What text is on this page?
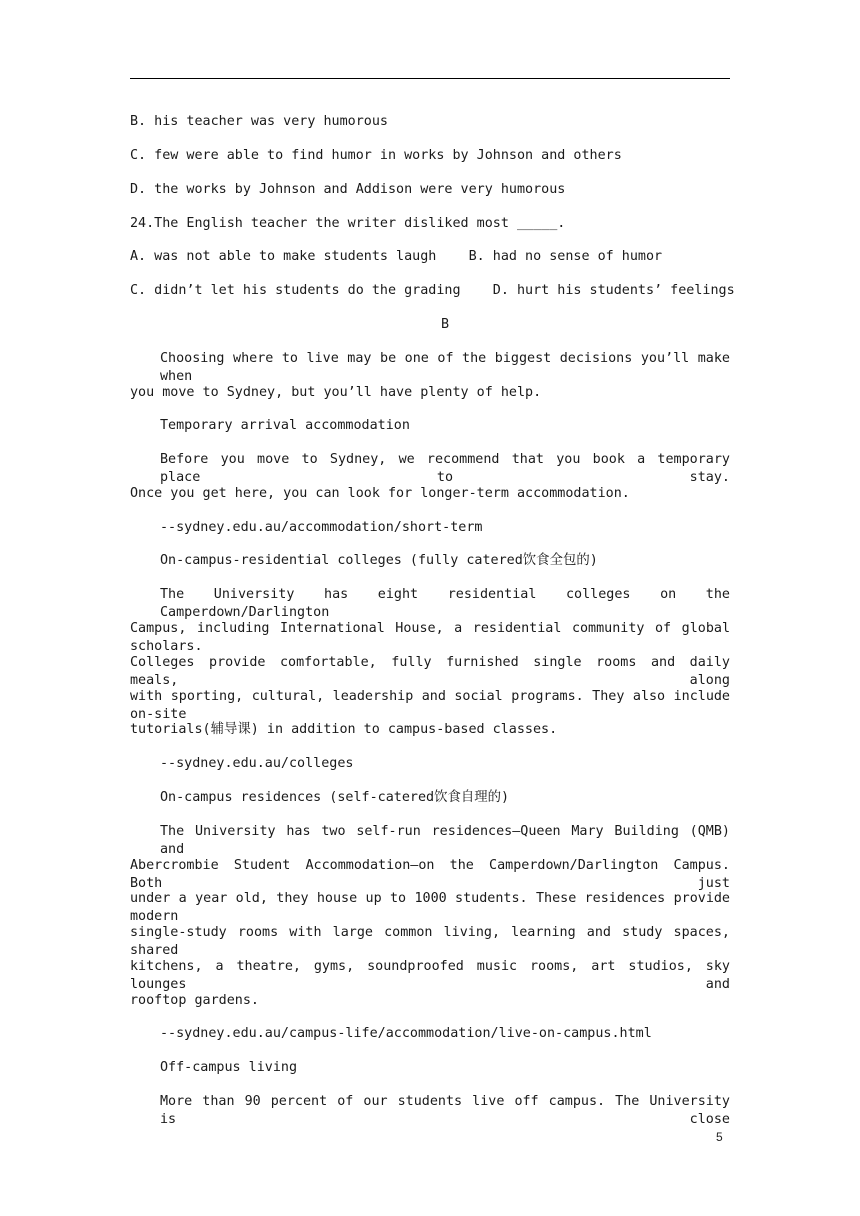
B. his teacher was very humorous
C. few were able to find humor in works by Johnson and others
D. the works by Johnson and Addison were very humorous
24.The English teacher the writer disliked most _____.
A. was not able to make students laugh    B. had no sense of humor
C. didn’t let his students do the grading    D. hurt his students’ feelings
B
Choosing where to live may be one of the biggest decisions you’ll make when
you move to Sydney, but you’ll have plenty of help.
Temporary arrival accommodation
Before you move to Sydney, we recommend that you book a temporary place to stay.
Once you get here, you can look for longer-term accommodation.
--sydney.edu.au/accommodation/short-term
On-campus-residential colleges (fully catered饮食全包的)
The University has eight residential colleges on the Camperdown/Darlington
Campus, including International House, a residential community of global scholars.
Colleges provide comfortable, fully furnished single rooms and daily meals, along
with sporting, cultural, leadership and social programs. They also include on-site
tutorials(辅导课) in addition to campus-based classes.
--sydney.edu.au/colleges
On-campus residences (self-catered饮食自理的)
The University has two self-run residences—Queen Mary Building (QMB) and
Abercrombie Student Accommodation—on the Camperdown/Darlington Campus. Both just
under a year old, they house up to 1000 students. These residences provide modern
single-study rooms with large common living, learning and study spaces, shared
kitchens, a theatre, gyms, soundproofed music rooms, art studios, sky lounges and
rooftop gardens.
--sydney.edu.au/campus-life/accommodation/live-on-campus.html
Off-campus living
More than 90 percent of our students live off campus. The University is close
5
